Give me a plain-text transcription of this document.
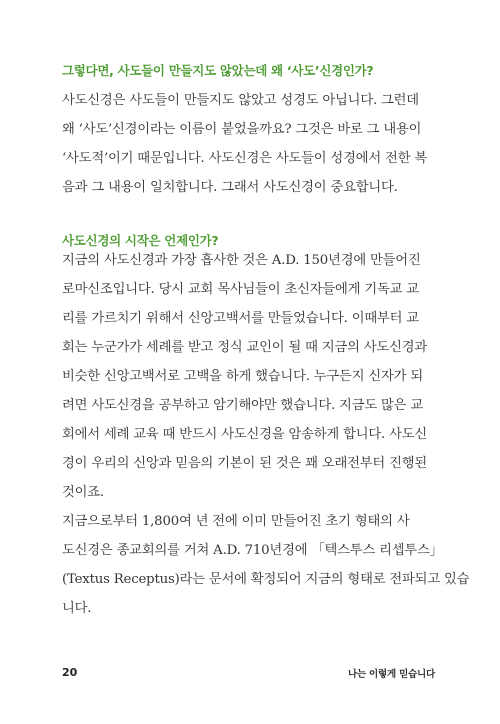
그렇다면, 사도들이 만들지도 않았는데 왜 ‘사도’신경인가?
사도신경은 사도들이 만들지도 않았고 성경도 아닙니다. 그런데
왜 ‘사도’신경이라는 이름이 붙었을까요? 그것은 바로 그 내용이
‘사도적’이기 때문입니다. 사도신경은 사도들이 성경에서 전한 복
음과 그 내용이 일치합니다. 그래서 사도신경이 중요합니다.
사도신경의 시작은 언제인가?
지금의 사도신경과 가장 흡사한 것은 A.D. 150년경에 만들어진
로마신조입니다. 당시 교회 목사님들이 초신자들에게 기독교 교
리를 가르치기 위해서 신앙고백서를 만들었습니다. 이때부터 교
회는 누군가가 세례를 받고 정식 교인이 될 때 지금의 사도신경과
비슷한 신앙고백서로 고백을 하게 했습니다. 누구든지 신자가 되
려면 사도신경을 공부하고 암기해야만 했습니다. 지금도 많은 교
회에서 세례 교육 때 반드시 사도신경을 암송하게 합니다. 사도신
경이 우리의 신앙과 믿음의 기본이 된 것은 꽤 오래전부터 진행된
것이죠.
지금으로부터 1,800여 년 전에 이미 만들어진 초기 형태의 사
도신경은 종교회의를 거쳐 A.D. 710년경에 「텍스투스 리셉투스」
(Textus Receptus)라는 문서에 확정되어 지금의 형태로 전파되고 있습
니다.

20	나는 이렇게 믿습니다
